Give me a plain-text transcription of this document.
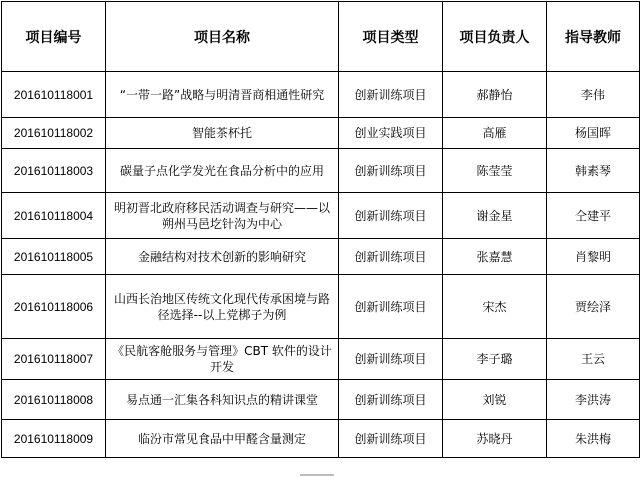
项目编号	项目名称	项目类型	项目负责人	指导教师
201610118001	“一带一路”战略与明清晋商相通性研究	创新训练项目	郝静怡	李伟
201610118002	智能茶杯托	创业实践项目	高雁	杨国晖
201610118003	碳量子点化学发光在食品分析中的应用	创新训练项目	陈莹莹	韩素琴
201610118004	明初晋北政府移民活动调查与研究——以朔州马邑圪针沟为中心	创新训练项目	谢金星	仝建平
201610118005	金融结构对技术创新的影响研究	创新训练项目	张嘉慧	肖黎明
201610118006	山西长治地区传统文化现代传承困境与路径选择--以上党梆子为例	创新训练项目	宋杰	贾绘泽
201610118007	《民航客舱服务与管理》CBT 软件的设计开发	创新训练项目	李子璐	王云
201610118008	易点通一汇集各科知识点的精讲课堂	创新训练项目	刘锐	李洪涛
201610118009	临汾市常见食品中甲醛含量测定	创新训练项目	苏晓丹	朱洪梅
